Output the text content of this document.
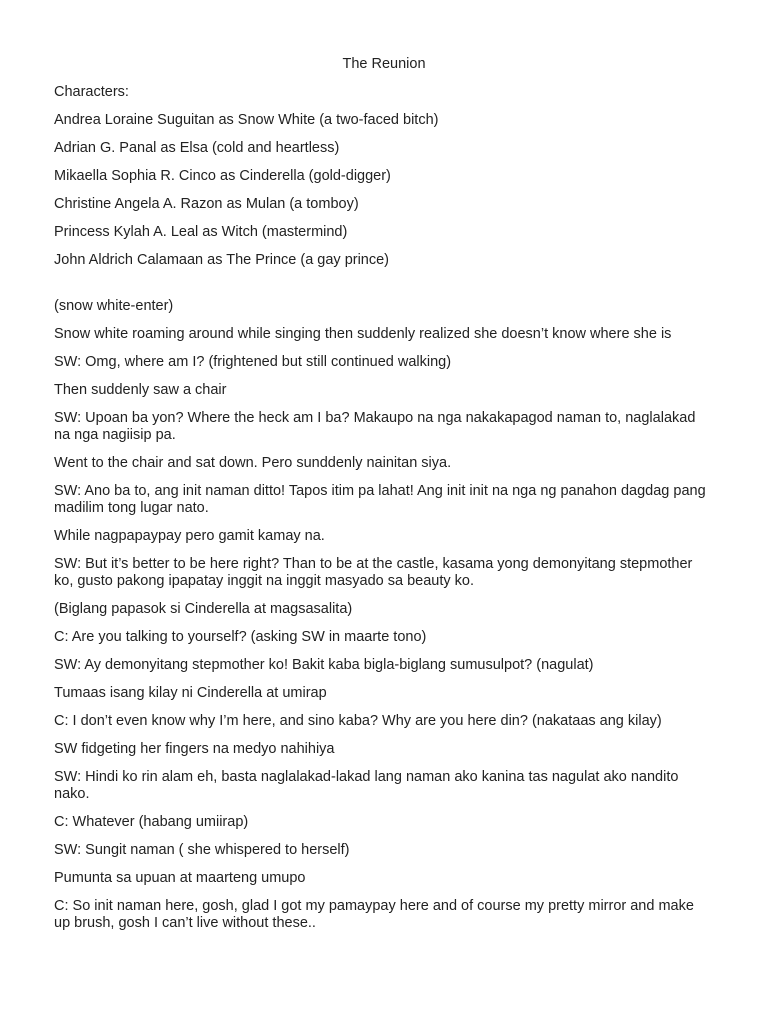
The Reunion

Characters:

Andrea Loraine Suguitan as Snow White (a two-faced bitch)

Adrian G. Panal as Elsa (cold and heartless)

Mikaella Sophia R. Cinco as Cinderella (gold-digger)

Christine Angela A. Razon as Mulan (a tomboy)

Princess Kylah A. Leal as Witch (mastermind)

John Aldrich Calamaan as The Prince (a gay prince)

(snow white-enter)

Snow white roaming around while singing then suddenly realized she doesn’t know where she is

SW: Omg, where am I? (frightened but still continued walking)

Then suddenly saw a chair

SW: Upoan ba yon? Where the heck am I ba? Makaupo na nga nakakapagod naman to, naglalakad na nga nagiisip pa.

Went to the chair and sat down. Pero sunddenly nainitan siya.

SW: Ano ba to, ang init naman ditto! Tapos itim pa lahat! Ang init init na nga ng panahon dagdag pang madilim tong lugar nato.

While nagpapaypay pero gamit kamay na.

SW: But it’s better to be here right? Than to be at the castle, kasama yong demonyitang stepmother ko, gusto pakong ipapatay inggit na inggit masyado sa beauty ko.

(Biglang papasok si Cinderella at magsasalita)

C: Are you talking to yourself? (asking SW in maarte tono)

SW: Ay demonyitang stepmother ko! Bakit kaba bigla-biglang sumusulpot? (nagulat)

Tumaas isang kilay ni Cinderella at umirap

C: I don’t even know why I’m here, and sino kaba? Why are you here din? (nakataas ang kilay)

SW fidgeting her fingers na medyo nahihiya

SW: Hindi ko rin alam eh, basta naglalakad-lakad lang naman ako kanina tas nagulat ako nandito nako.

C: Whatever (habang umiirap)

SW: Sungit naman ( she whispered to herself)

Pumunta sa upuan at maarteng umupo

C: So init naman here, gosh, glad I got my pamaypay here and of course my pretty mirror and make up brush, gosh I can’t live without these..
